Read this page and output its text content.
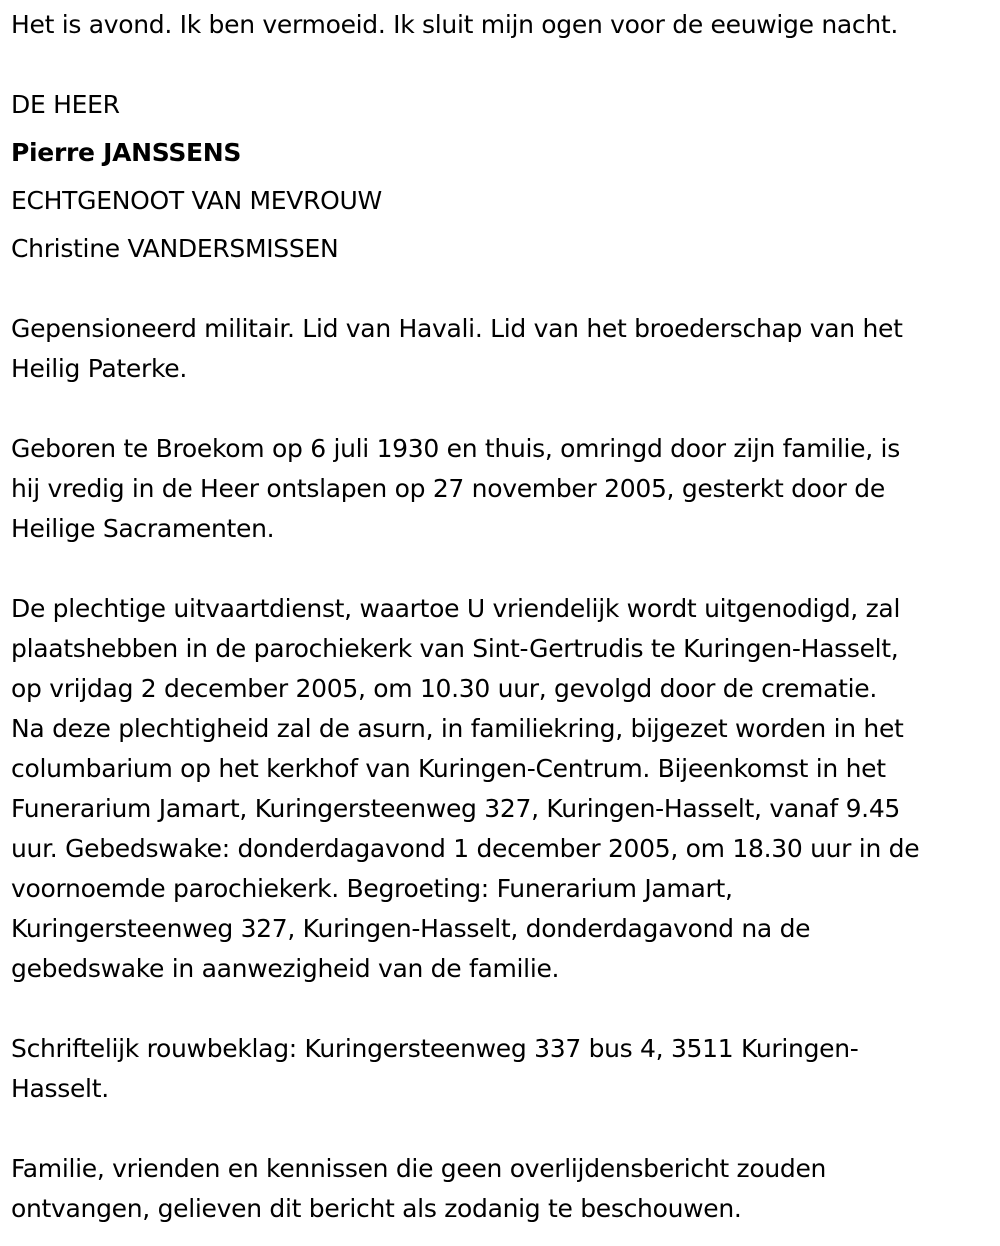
Het is avond. Ik ben vermoeid. Ik sluit mijn ogen voor de eeuwige nacht.
DE HEER
Pierre JANSSENS
ECHTGENOOT VAN MEVROUW
Christine VANDERSMISSEN
Gepensioneerd militair. Lid van Havali. Lid van het broederschap van het
Heilig Paterke.
Geboren te Broekom op 6 juli 1930 en thuis, omringd door zijn familie, is
hij vredig in de Heer ontslapen op 27 november 2005, gesterkt door de
Heilige Sacramenten.
De plechtige uitvaartdienst, waartoe U vriendelijk wordt uitgenodigd, zal
plaatshebben in de parochiekerk van Sint-Gertrudis te Kuringen-Hasselt,
op vrijdag 2 december 2005, om 10.30 uur, gevolgd door de crematie.
Na deze plechtigheid zal de asurn, in familiekring, bijgezet worden in het
columbarium op het kerkhof van Kuringen-Centrum. Bijeenkomst in het
Funerarium Jamart, Kuringersteenweg 327, Kuringen-Hasselt, vanaf 9.45
uur. Gebedswake: donderdagavond 1 december 2005, om 18.30 uur in de
voornoemde parochiekerk. Begroeting: Funerarium Jamart,
Kuringersteenweg 327, Kuringen-Hasselt, donderdagavond na de
gebedswake in aanwezigheid van de familie.
Schriftelijk rouwbeklag: Kuringersteenweg 337 bus 4, 3511 Kuringen-
Hasselt.
Familie, vrienden en kennissen die geen overlijdensbericht zouden
ontvangen, gelieven dit bericht als zodanig te beschouwen.
